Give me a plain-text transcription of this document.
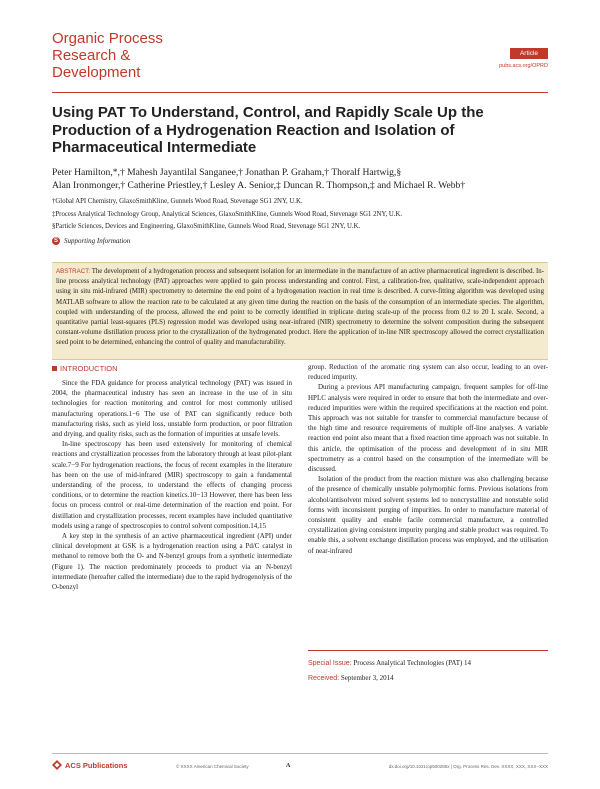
Organic Process
Research &
Development
Article
pubs.acs.org/OPRD
Using PAT To Understand, Control, and Rapidly Scale Up the Production of a Hydrogenation Reaction and Isolation of Pharmaceutical Intermediate
Peter Hamilton,*,† Mahesh Jayantilal Sanganee,† Jonathan P. Graham,† Thoralf Hartwig,§
Alan Ironmonger,† Catherine Priestley,† Lesley A. Senior,‡ Duncan R. Thompson,‡ and Michael R. Webb†
†Global API Chemistry, GlaxoSmithKline, Gunnels Wood Road, Stevenage SG1 2NY, U.K.
‡Process Analytical Technology Group, Analytical Sciences, GlaxoSmithKline, Gunnels Wood Road, Stevenage SG1 2NY, U.K.
§Particle Sciences, Devices and Engineering, GlaxoSmithKline, Gunnels Wood Road, Stevenage SG1 2NY, U.K.
S Supporting Information
ABSTRACT: The development of a hydrogenation process and subsequent isolation for an intermediate in the manufacture of an active pharmaceutical ingredient is described. In-line process analytical technology (PAT) approaches were applied to gain process understanding and control. First, a calibration-free, qualitative, scale-independent approach using in situ mid-infrared (MIR) spectrometry to determine the end point of a hydrogenation reaction in real time is described. A curve-fitting algorithm was developed using MATLAB software to allow the reaction rate to be calculated at any given time during the reaction on the basis of the consumption of an intermediate species. The algorithm, coupled with understanding of the process, allowed the end point to be correctly identified in triplicate during scale-up of the process from 0.2 to 20 L scale. Second, a quantitative partial least-squares (PLS) regression model was developed using near-infrared (NIR) spectrometry to determine the solvent composition during the subsequent constant-volume distillation process prior to the crystallization of the hydrogenated product. Here the application of in-line NIR spectroscopy allowed the correct crystallization seed point to be determined, enhancing the control of quality and manufacturability.
INTRODUCTION

Since the FDA guidance for process analytical technology (PAT) was issued in 2004, the pharmaceutical industry has seen an increase in the use of in situ technologies for reaction monitoring and control for most commonly utilised manufacturing operations.1−6 The use of PAT can significantly reduce both manufacturing risks, such as yield loss, unstable form production, or poor filtration and drying, and quality risks, such as the formation of impurities at unsafe levels.

In-line spectroscopy has been used extensively for monitoring of chemical reactions and crystallization processes from the laboratory through at least pilot-plant scale.7−9 For hydrogenation reactions, the focus of recent examples in the literature has been on the use of mid-infrared (MIR) spectroscopy to gain a fundamental understanding of the process, to understand the effects of changing process conditions, or to determine the reaction kinetics.10−13 However, there has been less focus on process control or real-time determination of the reaction end point. For distillation and crystallization processes, recent examples have included quantitative models using a range of spectroscopies to control solvent composition.14,15

A key step in the synthesis of an active pharmaceutical ingredient (API) under clinical development at GSK is a hydrogenation reaction using a Pd/C catalyst in methanol to remove both the O- and N-benzyl groups from a synthetic intermediate (Figure 1). The reaction predominately proceeds to product via an N-benzyl intermediate (hereafter called the intermediate) due to the rapid hydrogenolysis of the O-benzyl

group. Reduction of the aromatic ring system can also occur, leading to an over-reduced impurity.

During a previous API manufacturing campaign, frequent samples for off-line HPLC analysis were required in order to ensure that both the intermediate and over-reduced impurities were within the required specifications at the reaction end point. This approach was not suitable for transfer to commercial manufacture because of the high time and resource requirements of multiple off-line analyses. A variable reaction end point also meant that a fixed reaction time approach was not suitable. In this article, the optimisation of the process and development of in situ MIR spectrometry as a control based on the consumption of the intermediate will be discussed.

Isolation of the product from the reaction mixture was also challenging because of the presence of chemically unstable polymorphic forms. Previous isolations from alcohol/antisolvent mixed solvent systems led to noncrystalline and nonstable solid forms with inconsistent purging of impurities. In order to manufacture material of consistent quality and enable facile commercial manufacture, a controlled crystallization giving consistent impurity purging and stable product was required. To enable this, a solvent exchange distillation process was employed, and the utilisation of near-infrared

Special Issue: Process Analytical Technologies (PAT) 14
Received: September 3, 2014
ACS Publications	© XXXX American Chemical Society	A	dx.doi.org/10.1021/op500285x | Org. Process Res. Dev. XXXX, XXX, XXX−XXX
